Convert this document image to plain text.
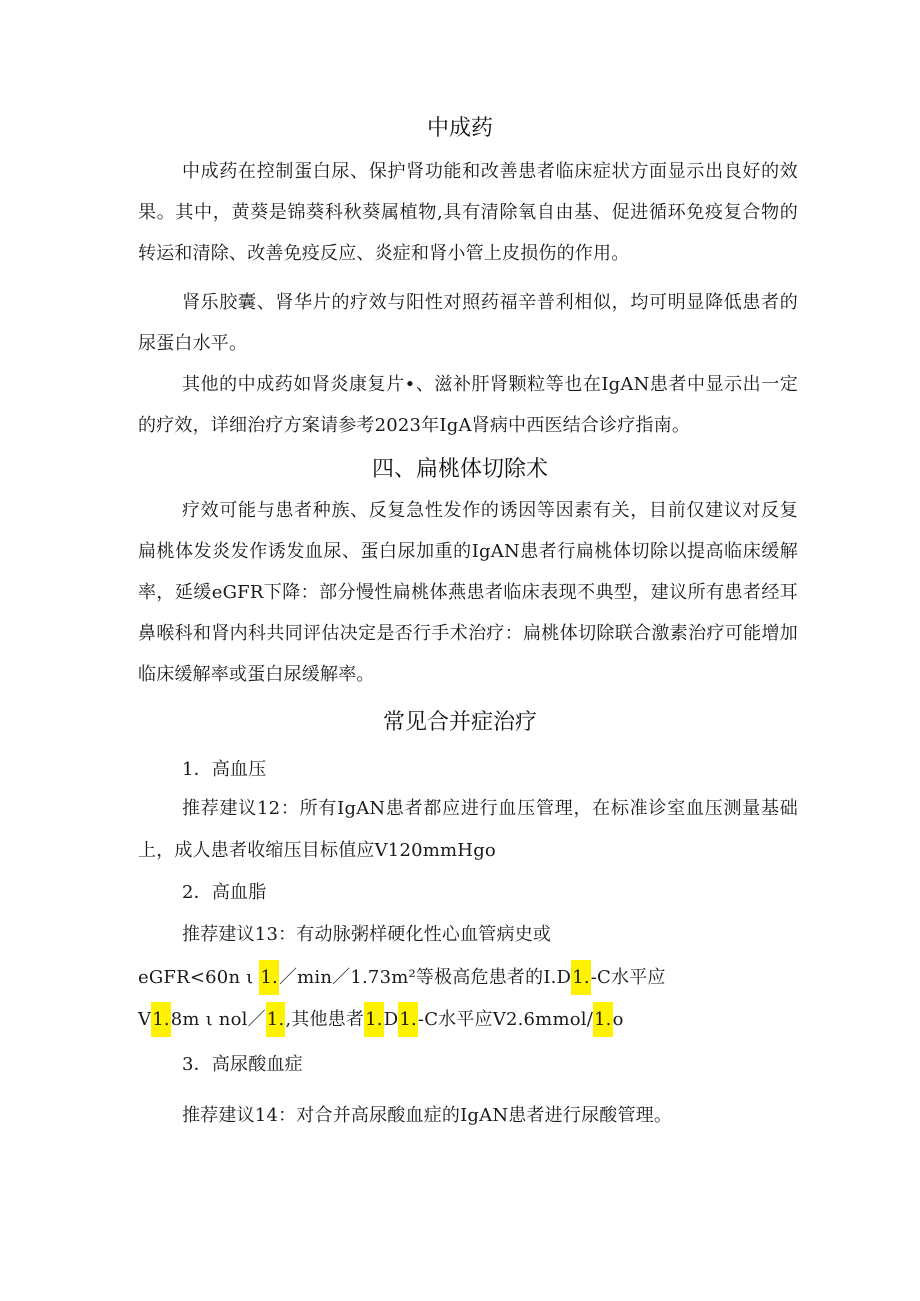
中成药
中成药在控制蛋白尿、保护肾功能和改善患者临床症状方面显示出良好的效果。其中，黄葵是锦葵科秋葵属植物,具有清除氧自由基、促进循环免疫复合物的转运和清除、改善免疫反应、炎症和肾小管上皮损伤的作用。
肾乐胶囊、肾华片的疗效与阳性对照药福辛普利相似，均可明显降低患者的尿蛋白水平。
其他的中成药如肾炎康复片•、滋补肝肾颗粒等也在IgAN患者中显示出一定的疗效，详细治疗方案请参考2023年IgA肾病中西医结合诊疗指南。
四、扁桃体切除术
疗效可能与患者种族、反复急性发作的诱因等因素有关，目前仅建议对反复扁桃体发炎发作诱发血尿、蛋白尿加重的IgAN患者行扁桃体切除以提高临床缓解率，延缓eGFR下降：部分慢性扁桃体燕患者临床表现不典型，建议所有患者经耳鼻喉科和肾内科共同评估决定是否行手术治疗：扁桃体切除联合激素治疗可能增加临床缓解率或蛋白尿缓解率。
常见合并症治疗
1．高血压
推荐建议12：所有IgAN患者都应进行血压管理，在标准诊室血压测量基础上，成人患者收缩压目标值应V120mmHgo
2．高血脂
推荐建议13：有动脉粥样硬化性心血管病史或
eGFR<60n ι 1.／min／1.73m²等极高危患者的I.D1.-C水平应
V1.8m ι nol／1.,其他患者1.D1.-C水平应V2.6mmol/1.o
3．高尿酸血症
推荐建议14：对合并高尿酸血症的IgAN患者进行尿酸管理。
